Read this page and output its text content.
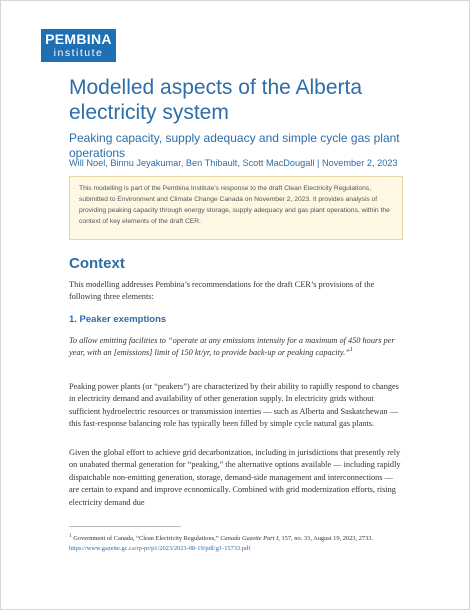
PEMBINA
institute
Modelled aspects of the Alberta electricity system
Peaking capacity, supply adequacy and simple cycle gas plant operations
Will Noel, Binnu Jeyakumar, Ben Thibault, Scott MacDougall | November 2, 2023
This modelling is part of the Pembina Institute’s response to the draft Clean Electricity Regulations, submitted to Environment and Climate Change Canada on November 2, 2023. It provides analysis of providing peaking capacity through energy storage, supply adequacy and gas plant operations, within the context of key elements of the draft CER.
Context

This modelling addresses Pembina’s recommendations for the draft CER’s provisions of the following three elements:

1. Peaker exemptions

To allow emitting facilities to “operate at any emissions intensity for a maximum of 450 hours per year, with an [emissions] limit of 150 kt/yr, to provide back-up or peaking capacity.”$^1$

Peaking power plants (or “peakers”) are characterized by their ability to rapidly respond to changes in electricity demand and availability of other generation supply. In electricity grids without sufficient hydroelectric resources or transmission interties — such as Alberta and Saskatchewan — this fast-response balancing role has typically been filled by simple cycle natural gas plants.

Given the global effort to achieve grid decarbonization, including in jurisdictions that presently rely on unabated thermal generation for “peaking,” the alternative options available — including rapidly dispatchable non-emitting generation, storage, demand-side management and interconnections — are certain to expand and improve economically. Combined with grid modernization efforts, rising electricity demand due

$^1$ Government of Canada, “Clean Electricity Regulations,” Canada Gazette Part I, 157, no. 33, August 19, 2023, 2733. https://www.gazette.gc.ca/rp-pr/p1/2023/2023-08-19/pdf/g1-15733.pdf
